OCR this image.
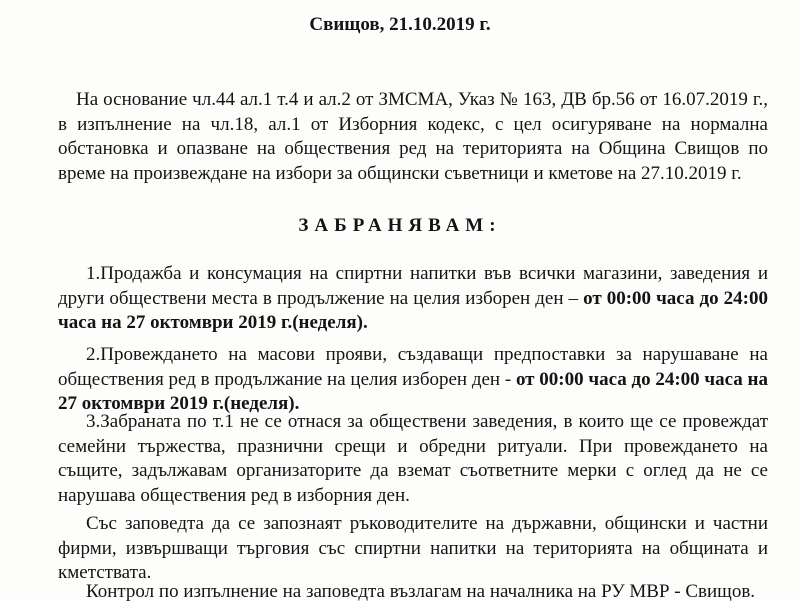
Свищов, 21.10.2019 г.

На основание чл.44 ал.1 т.4 и ал.2 от ЗМСМА, Указ № 163, ДВ бр.56 от 16.07.2019 г., в изпълнение на чл.18, ал.1 от Изборния кодекс, с цел осигуряване на нормална обстановка и опазване на обществения ред на територията на Община Свищов по време на произвеждане на избори за общински съветници и кметове на 27.10.2019 г.

ЗАБРАНЯВАМ:

1.Продажба и консумация на спиртни напитки във всички магазини, заведения и други обществени места в продължение на целия изборен ден – от 00:00 часа до 24:00 часа на 27 октомври 2019 г.(неделя).

2.Провеждането на масови прояви, създаващи предпоставки за нарушаване на обществения ред в продължание на целия изборен ден - от 00:00 часа до 24:00 часа на 27 октомври 2019 г.(неделя).

3.Забраната по т.1 не се отнася за обществени заведения, в които ще се провеждат семейни тържества, празнични срещи и обредни ритуали. При провеждането на същите, задължавам организаторите да вземат съответните мерки с оглед да не се нарушава обществения ред в изборния ден.

Със заповедта да се запознаят ръководителите на държавни, общински и частни фирми, извършващи търговия със спиртни напитки на територията на общината и кметствата.

Контрол по изпълнение на заповедта възлагам на началника на РУ МВР - Свищов.
